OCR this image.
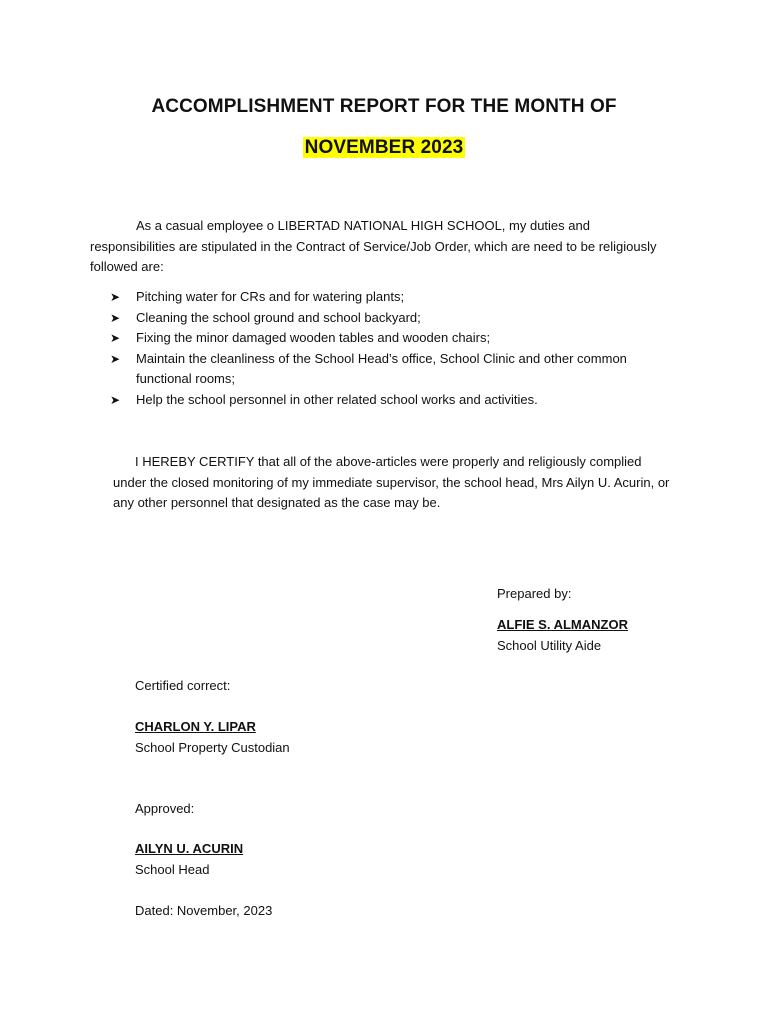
ACCOMPLISHMENT REPORT FOR THE MONTH OF
NOVEMBER 2023

As a casual employee o LIBERTAD NATIONAL HIGH SCHOOL, my duties and responsibilities are stipulated in the Contract of Service/Job Order, which are need to be religiously followed are:

➤ Pitching water for CRs and for watering plants;
➤ Cleaning the school ground and school backyard;
➤ Fixing the minor damaged wooden tables and wooden chairs;
➤ Maintain the cleanliness of the School Head’s office, School Clinic and other common functional rooms;
➤ Help the school personnel in other related school works and activities.

I HEREBY CERTIFY that all of the above-articles were properly and religiously complied under the closed monitoring of my immediate supervisor, the school head, Mrs Ailyn U. Acurin, or any other personnel that designated as the case may be.

Prepared by:
ALFIE S. ALMANZOR
School Utility Aide
Certified correct:
CHARLON Y. LIPAR
School Property Custodian
Approved:
AILYN U. ACURIN
School Head
Dated: November, 2023
